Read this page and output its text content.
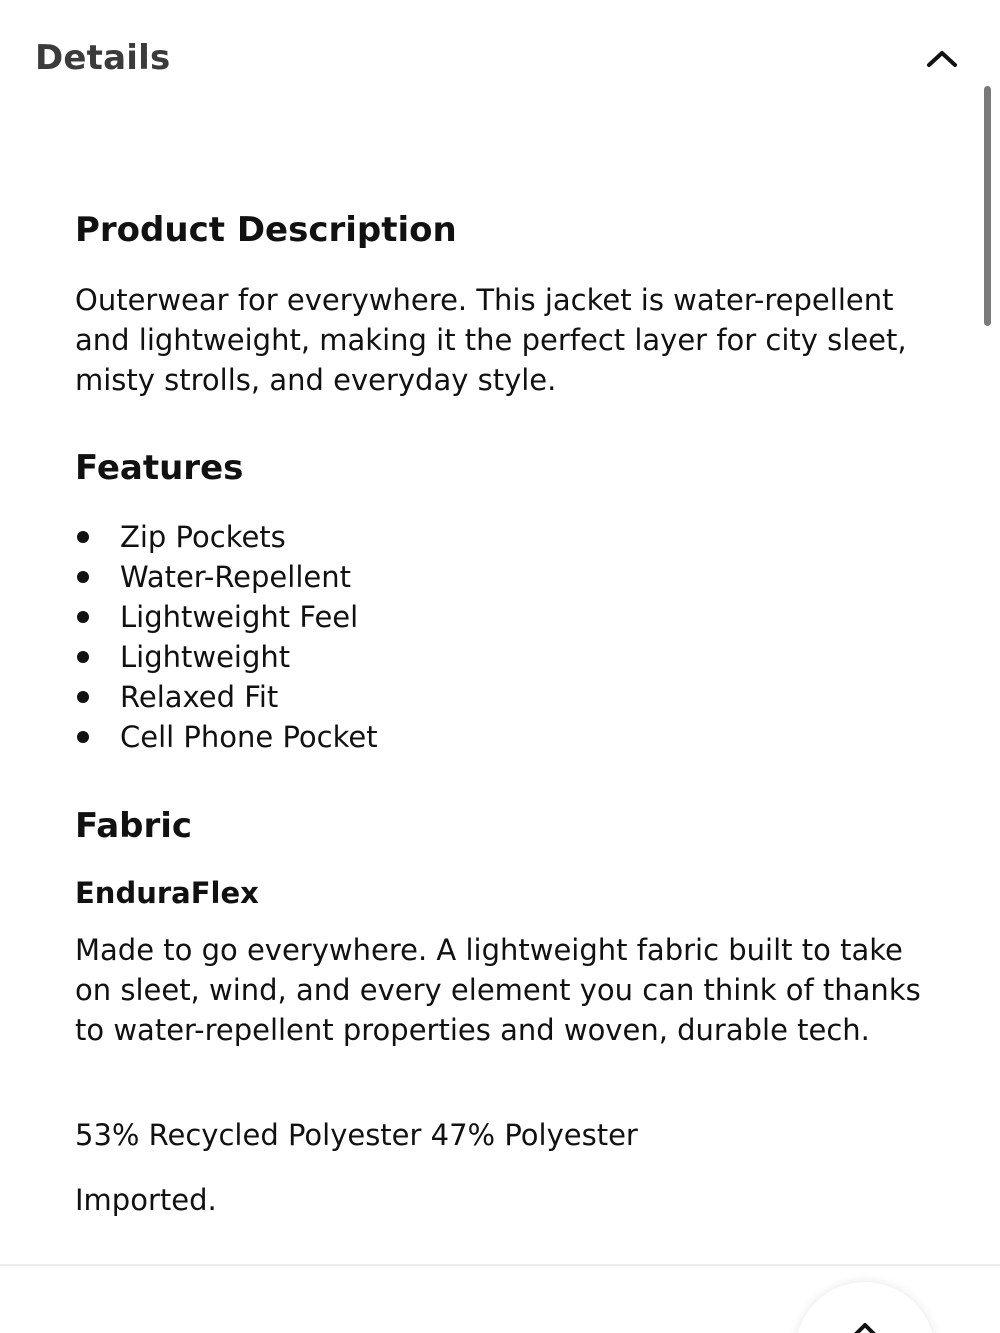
Details
Product Description

Outerwear for everywhere. This jacket is water-repellent and lightweight, making it the perfect layer for city sleet, misty strolls, and everyday style.

Features
Zip Pockets
Water-Repellent
Lightweight Feel
Lightweight
Relaxed Fit
Cell Phone Pocket
Fabric
EnduraFlex

Made to go everywhere. A lightweight fabric built to take on sleet, wind, and every element you can think of thanks to water-repellent properties and woven, durable tech.

53% Recycled Polyester 47% Polyester

Imported.
